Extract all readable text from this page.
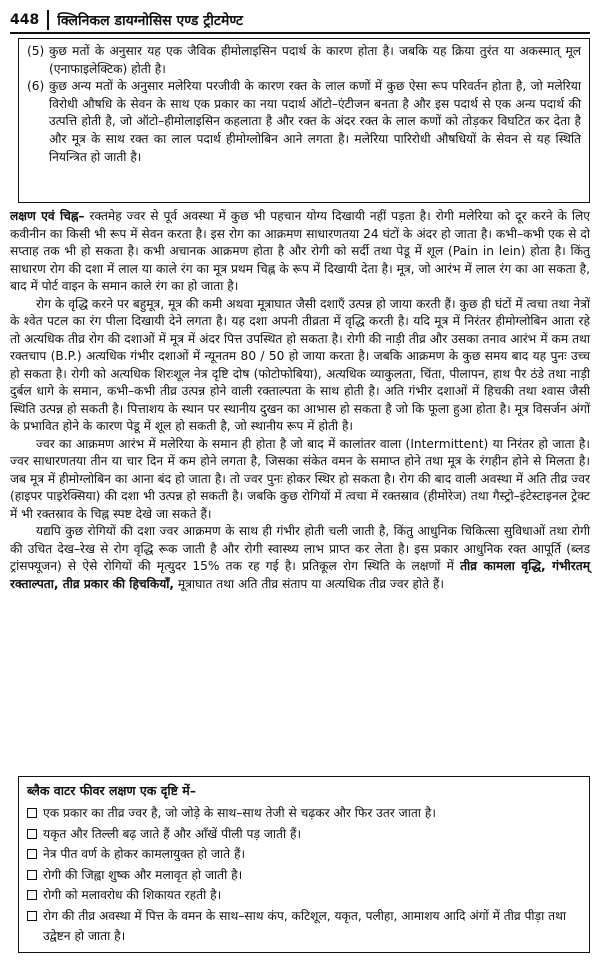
448	क्लिनिकल डायग्नोसिस एण्ड ट्रीटमेण्ट
(5) कुछ मतों के अनुसार यह एक जैविक हीमोलाइसिन पदार्थ के कारण होता है। जबकि यह क्रिया तुरंत या अकस्मात् मूल (एनाफाइलेक्टिक) होती है।
(6) कुछ अन्य मतों के अनुसार मलेरिया परजीवी के कारण रक्त के लाल कणों में कुछ ऐसा रूप परिवर्तन होता है, जो मलेरिया विरोधी औषधि के सेवन के साथ एक प्रकार का नया पदार्थ ऑटो–एंटीजन बनता है और इस पदार्थ से एक अन्य पदार्थ की उत्पत्ति होती है, जो ऑटो–हीमोलाइसिन कहलाता है और रक्त के अंदर रक्त के लाल कणों को तोड़कर विघटित कर देता है और मूत्र के साथ रक्त का लाल पदार्थ हीमोग्लोबिन आने लगता है। मलेरिया पारिरोधी औषधियों के सेवन से यह स्थिति नियन्त्रित हो जाती है।

लक्षण एवं चिह्न– रक्तमेह ज्वर से पूर्व अवस्था में कुछ भी पहचान योग्य दिखायी नहीं पड़ता है। रोगी मलेरिया को दूर करने के लिए कवीनीन का किसी भी रूप में सेवन करता है। इस रोग का आक्रमण साधारणतया 24 घंटों के अंदर हो जाता है। कभी–कभी एक से दो सप्ताह तक भी हो सकता है। कभी अचानक आक्रमण होता है और रोगी को सर्दी तथा पेडू में शूल (Pain in lein) होता है। किंतु साधारण रोग की दशा में लाल या काले रंग का मूत्र प्रथम चिह्न के रूप में दिखायी देता है। मूत्र, जो आरंभ में लाल रंग का आ सकता है, बाद में पोर्ट वाइन के समान काले रंग का हो जाता है।

रोग के वृद्धि करने पर बहुमूत्र, मूत्र की कमी अथवा मूत्राघात जैसी दशाएँ उत्पन्न हो जाया करती हैं। कुछ ही घंटों में त्वचा तथा नेत्रों के श्वेत पटल का रंग पीला दिखायी देने लगता है। यह दशा अपनी तीव्रता में वृद्धि करती है। यदि मूत्र में निरंतर हीमोग्लोबिन आता रहे तो अत्यधिक तीव्र रोग की दशाओं में मूत्र में अंदर पित्त उपस्थित हो सकता है। रोगी की नाड़ी तीव्र और उसका तनाव आरंभ में कम तथा रक्तचाप (B.P.) अत्यधिक गंभीर दशाओं में न्यूनतम 80 / 50 हो जाया करता है। जबकि आक्रमण के कुछ समय बाद यह पुनः उच्च हो सकता है। रोगी को अत्यधिक शिरःशूल नेत्र दृष्टि दोष (फोटोफोबिया), अत्यधिक व्याकुलता, चिंता, पीलापन, हाथ पैर ठंडे तथा नाड़ी दुर्बल धागे के समान, कभी–कभी तीव्र उत्पन्न होने वाली रक्ताल्पता के साथ होती है। अति गंभीर दशाओं में हिचकी तथा श्वास जैसी स्थिति उत्पन्न हो सकती है। पित्ताशय के स्थान पर स्थानीय दुखन का आभास हो सकता है जो कि फूला हुआ होता है। मूत्र विसर्जन अंगों के प्रभावित होने के कारण पेडू में शूल हो सकती है, जो स्थानीय रूप में होती है।

ज्वर का आक्रमण आरंभ में मलेरिया के समान ही होता है जो बाद में कालांतर वाला (Intermittent) या निरंतर हो जाता है। ज्वर साधारणतया तीन या चार दिन में कम होने लगता है, जिसका संकेत वमन के समाप्त होने तथा मूत्र के रंगहीन होने से मिलता है। जब मूत्र में हीमोग्लोबिन का आना बंद हो जाता है। तो ज्वर पुनः होकर स्थिर हो सकता है। रोग की बाद वाली अवस्था में अति तीव्र ज्वर (हाइपर पाइरेक्सिया) की दशा भी उत्पन्न हो सकती है। जबकि कुछ रोगियों में त्वचा में रक्तस्राव (हीमोरेज) तथा गैस्ट्रो–इंटेस्टाइनल ट्रेक्ट में भी रक्तस्राव के चिह्न स्पष्ट देखे जा सकते हैं।

यद्यपि कुछ रोगियों की दशा ज्वर आक्रमण के साथ ही गंभीर होती चली जाती है, किंतु आधुनिक चिकित्सा सुविधाओं तथा रोगी की उचित देख–रेख से रोग वृद्धि रूक जाती है और रोगी स्वास्थ्य लाभ प्राप्त कर लेता है। इस प्रकार आधुनिक रक्त आपूर्ति (ब्लड ट्रांसफ्यूजन) से ऐसे रोगियों की मृत्युदर 15% तक रह गई है। प्रतिकूल रोग स्थिति के लक्षणों में तीव्र कामला वृद्धि, गंभीरतम् रक्ताल्पता, तीव्र प्रकार की हिचकियाँ, मूत्राघात तथा अति तीव्र संताप या अत्यधिक तीव्र ज्वर होते हैं।

ब्लैक वाटर फीवर लक्षण एक दृष्टि में–
एक प्रकार का तीव्र ज्वर है, जो जोड़े के साथ–साथ तेजी से चढ़कर और फिर उतर जाता है।
यकृत और तिल्ली बढ़ जाते हैं और आँखें पीली पड़ जाती हैं।
नेत्र पीत वर्ण के होकर कामलायुक्त हो जाते हैं।
रोगी की जिह्वा शुष्क और मलावृत हो जाती है।
रोगी को मलावरोध की शिकायत रहती है।
रोग की तीव्र अवस्था में पित्त के वमन के साथ–साथ कंप, कटिशूल, यकृत, पलीहा, आमाशय आदि अंगों में तीव्र पीड़ा तथा उद्वेष्टन हो जाता है।
